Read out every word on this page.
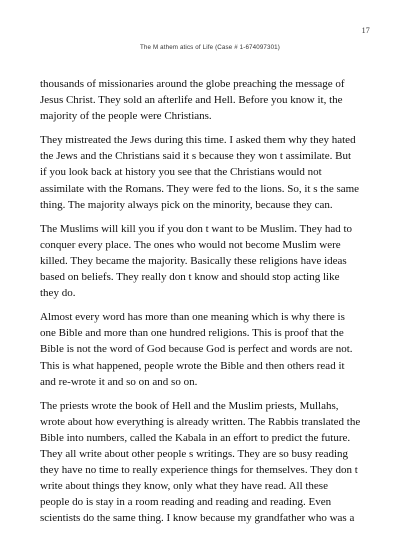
17
The M athem atics of Life (Case # 1-674097301)

thousands of missionaries around the globe preaching the message of
Jesus Christ. They sold an afterlife and Hell. Before you know it, the
majority of the people were Christians.

They mistreated the Jews during this time. I asked them why they hated
the Jews and the Christians said it s because they won t assimilate. But
if you look back at history you see that the Christians would not
assimilate with the Romans. They were fed to the lions. So, it s the same
thing. The majority always pick on the minority, because they can.

The Muslims will kill you if you don t want to be Muslim. They had to
conquer every place. The ones who would not become Muslim were
killed. They became the majority. Basically these religions have ideas
based on beliefs. They really don t know and should stop acting like
they do.

Almost every word has more than one meaning which is why there is
one Bible and more than one hundred religions. This is proof that the
Bible is not the word of God because God is perfect and words are not.
This is what happened, people wrote the Bible and then others read it
and re-wrote it and so on and so on.

The priests wrote the book of Hell and the Muslim priests, Mullahs,
wrote about how everything is already written. The Rabbis translated the
Bible into numbers, called the Kabala in an effort to predict the future.
They all write about other people s writings. They are so busy reading
they have no time to really experience things for themselves. They don t
write about things they know, only what they have read. All these
people do is stay in a room reading and reading and reading. Even
scientists do the same thing. I know because my grandfather who was a
